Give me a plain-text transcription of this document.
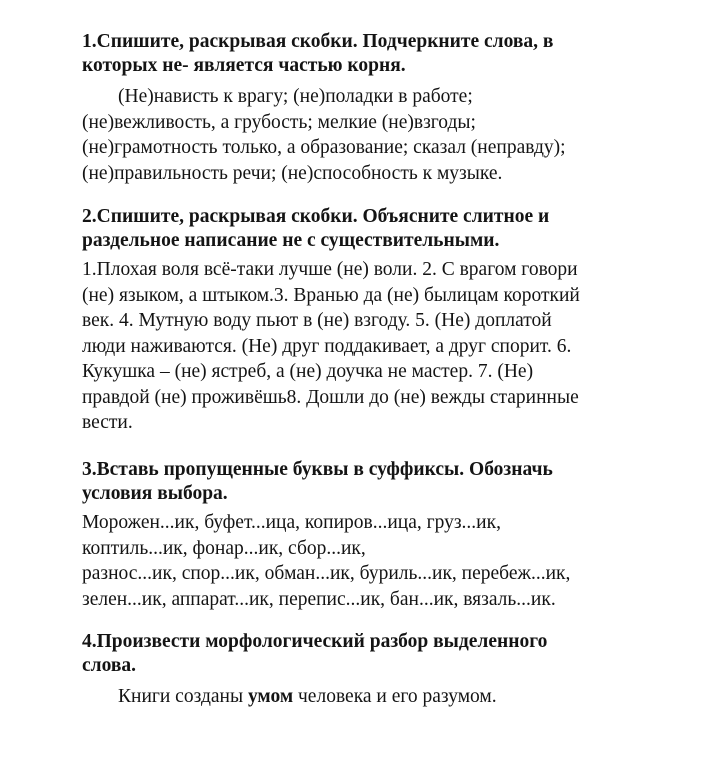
1.Спишите, раскрывая скобки. Подчеркните слова, в
которых не- является частью корня.

(Не)нависть к врагу; (не)поладки в работе;
(не)вежливость, а грубость; мелкие (не)взгоды;
(не)грамотность только, а образование; сказал (неправду);
(не)правильность речи; (не)способность к музыке.

2.Спишите, раскрывая скобки. Объясните слитное и
раздельное написание не с существительными.

1.Плохая воля всё-таки лучше (не) воли. 2. С врагом говори
(не) языком, а штыком.3. Вранью да (не) былицам короткий
век. 4. Мутную воду пьют в (не) взгоду. 5. (Не) доплатой
люди наживаются. (Не) друг поддакивает, а друг спорит. 6.
Кукушка – (не) ястреб, а (не) доучка не мастер. 7. (Не)
правдой (не) проживёшь8. Дошли до (не) вежды старинные
вести.

3.Вставь пропущенные буквы в суффиксы. Обозначь
условия выбора.

Морожен...ик, буфет...ица, копиров...ица, груз...ик,
коптиль...ик, фонар...ик, сбор...ик,
разнос...ик, спор...ик, обман...ик, буриль...ик, перебеж...ик,
зелен...ик, аппарат...ик, перепис...ик, бан...ик, вязаль...ик.

4.Произвести морфологический разбор выделенного
слова.

Книги созданы умом человека и его разумом.
